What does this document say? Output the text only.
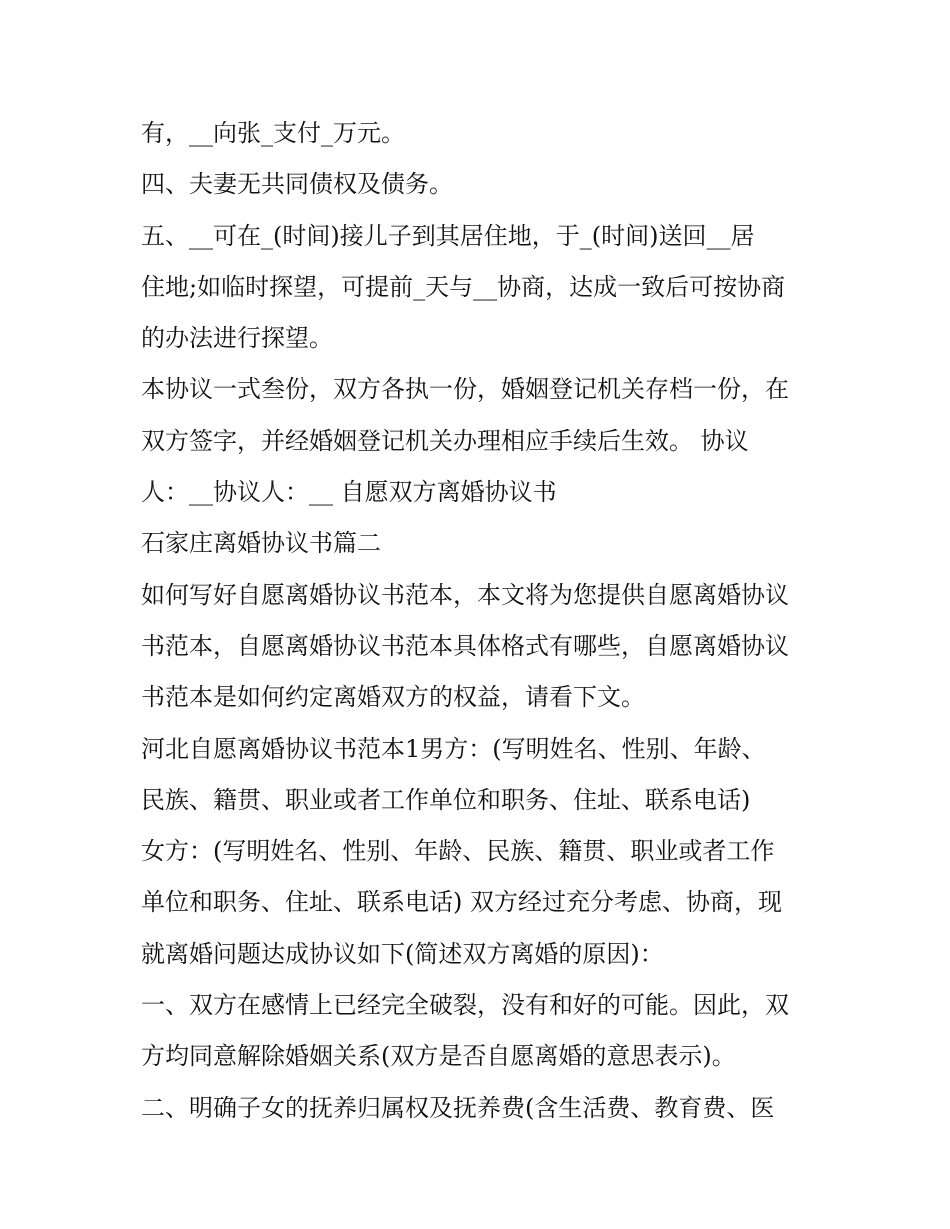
有，__向张_支付_万元。
四、夫妻无共同债权及债务。
五、__可在_(时间)接儿子到其居住地，于_(时间)送回__居
住地;如临时探望，可提前_天与__协商，达成一致后可按协商
的办法进行探望。
本协议一式叁份，双方各执一份，婚姻登记机关存档一份，在
双方签字，并经婚姻登记机关办理相应手续后生效。 协议
人：__协议人：__ 自愿双方离婚协议书
石家庄离婚协议书篇二
如何写好自愿离婚协议书范本，本文将为您提供自愿离婚协议
书范本，自愿离婚协议书范本具体格式有哪些，自愿离婚协议
书范本是如何约定离婚双方的权益，请看下文。
河北自愿离婚协议书范本1男方：(写明姓名、性别、年龄、
民族、籍贯、职业或者工作单位和职务、住址、联系电话)
女方：(写明姓名、性别、年龄、民族、籍贯、职业或者工作
单位和职务、住址、联系电话) 双方经过充分考虑、协商，现
就离婚问题达成协议如下(简述双方离婚的原因)：
一、双方在感情上已经完全破裂，没有和好的可能。因此，双
方均同意解除婚姻关系(双方是否自愿离婚的意思表示)。
二、明确子女的抚养归属权及抚养费(含生活费、教育费、医
